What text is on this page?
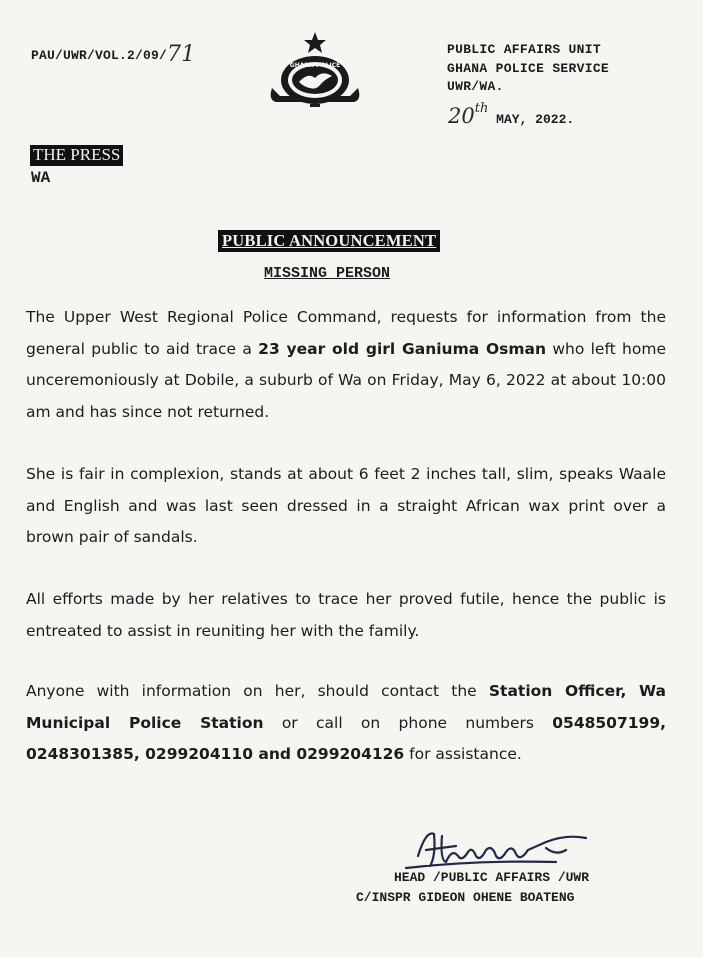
PAU/UWR/VOL.2/09/71	GHANA POLICE
PUBLIC AFFAIRS UNIT
GHANA POLICE SERVICE
UWR/WA.
20th MAY, 2022.
THE PRESS
WA
PUBLIC ANNOUNCEMENT
MISSING PERSON

The Upper West Regional Police Command, requests for information from the general public to aid trace a 23 year old girl Ganiuma Osman who left home unceremoniously at Dobile, a suburb of Wa on Friday, May 6, 2022 at about 10:00 am and has since not returned.

She is fair in complexion, stands at about 6 feet 2 inches tall, slim, speaks Waale and English and was last seen dressed in a straight African wax print over a brown pair of sandals.

All efforts made by her relatives to trace her proved futile, hence the public is entreated to assist in reuniting her with the family.

Anyone with information on her, should contact the Station Officer, Wa Municipal Police Station or call on phone numbers 0548507199, 0248301385, 0299204110 and 0299204126 for assistance.

HEAD /PUBLIC AFFAIRS /UWR
C/INSPR GIDEON OHENE BOATENG
